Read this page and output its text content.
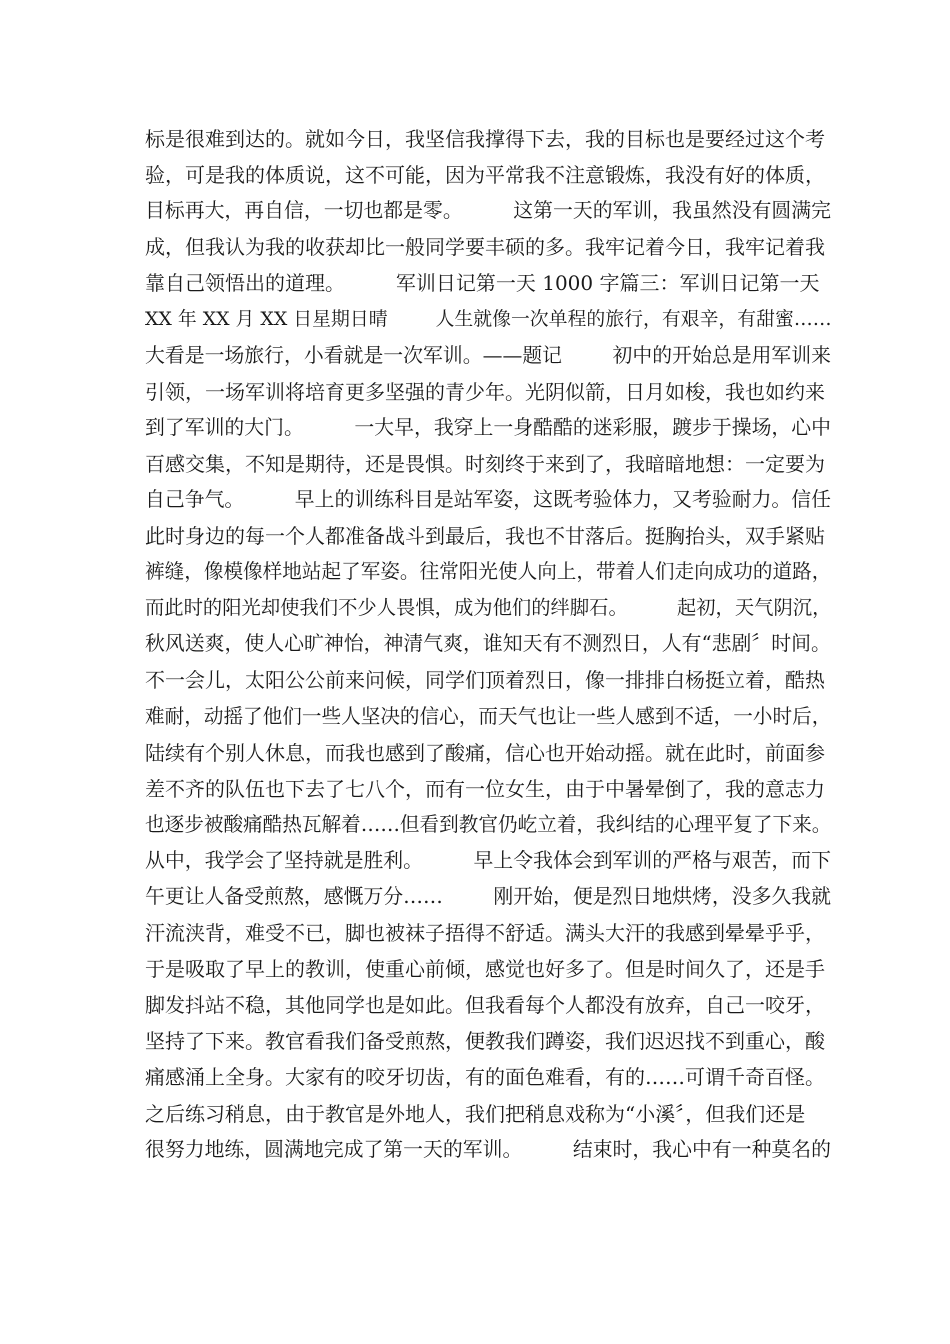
标是很难到达的。就如今日，我坚信我撑得下去，我的目标也是要经过这个考
验，可是我的体质说，这不可能，因为平常我不注意锻炼，我没有好的体质，
目标再大，再自信，一切也都是零。        这第一天的军训，我虽然没有圆满完
成，但我认为我的收获却比一般同学要丰硕的多。我牢记着今日，我牢记着我
靠自己领悟出的道理。        军训日记第一天 1000 字篇三：军训日记第一天
XX 年 XX 月 XX 日星期日晴        人生就像一次单程的旅行，有艰辛，有甜蜜……
大看是一场旅行，小看就是一次军训。——题记        初中的开始总是用军训来
引领，一场军训将培育更多坚强的青少年。光阴似箭，日月如梭，我也如约来
到了军训的大门。        一大早，我穿上一身酷酷的迷彩服，踱步于操场，心中
百感交集，不知是期待，还是畏惧。时刻终于来到了，我暗暗地想：一定要为
自己争气。        早上的训练科目是站军姿，这既考验体力，又考验耐力。信任
此时身边的每一个人都准备战斗到最后，我也不甘落后。挺胸抬头，双手紧贴
裤缝，像模像样地站起了军姿。往常阳光使人向上，带着人们走向成功的道路，
而此时的阳光却使我们不少人畏惧，成为他们的绊脚石。        起初，天气阴沉，
秋风送爽，使人心旷神怡，神清气爽，谁知天有不测烈日，人有“悲剧〞时间。
不一会儿，太阳公公前来问候，同学们顶着烈日，像一排排白杨挺立着，酷热
难耐，动摇了他们一些人坚决的信心，而天气也让一些人感到不适，一小时后，
陆续有个别人休息，而我也感到了酸痛，信心也开始动摇。就在此时，前面参
差不齐的队伍也下去了七八个，而有一位女生，由于中暑晕倒了，我的意志力
也逐步被酸痛酷热瓦解着……但看到教官仍屹立着，我纠结的心理平复了下来。
从中，我学会了坚持就是胜利。        早上令我体会到军训的严格与艰苦，而下
午更让人备受煎熬，感慨万分……        刚开始，便是烈日地烘烤，没多久我就
汗流浃背，难受不已，脚也被袜子捂得不舒适。满头大汗的我感到晕晕乎乎，
于是吸取了早上的教训，使重心前倾，感觉也好多了。但是时间久了，还是手
脚发抖站不稳，其他同学也是如此。但我看每个人都没有放弃，自己一咬牙，
坚持了下来。教官看我们备受煎熬，便教我们蹲姿，我们迟迟找不到重心，酸
痛感涌上全身。大家有的咬牙切齿，有的面色难看，有的……可谓千奇百怪。
之后练习稍息，由于教官是外地人，我们把稍息戏称为“小溪〞，但我们还是
很努力地练，圆满地完成了第一天的军训。        结束时，我心中有一种莫名的
